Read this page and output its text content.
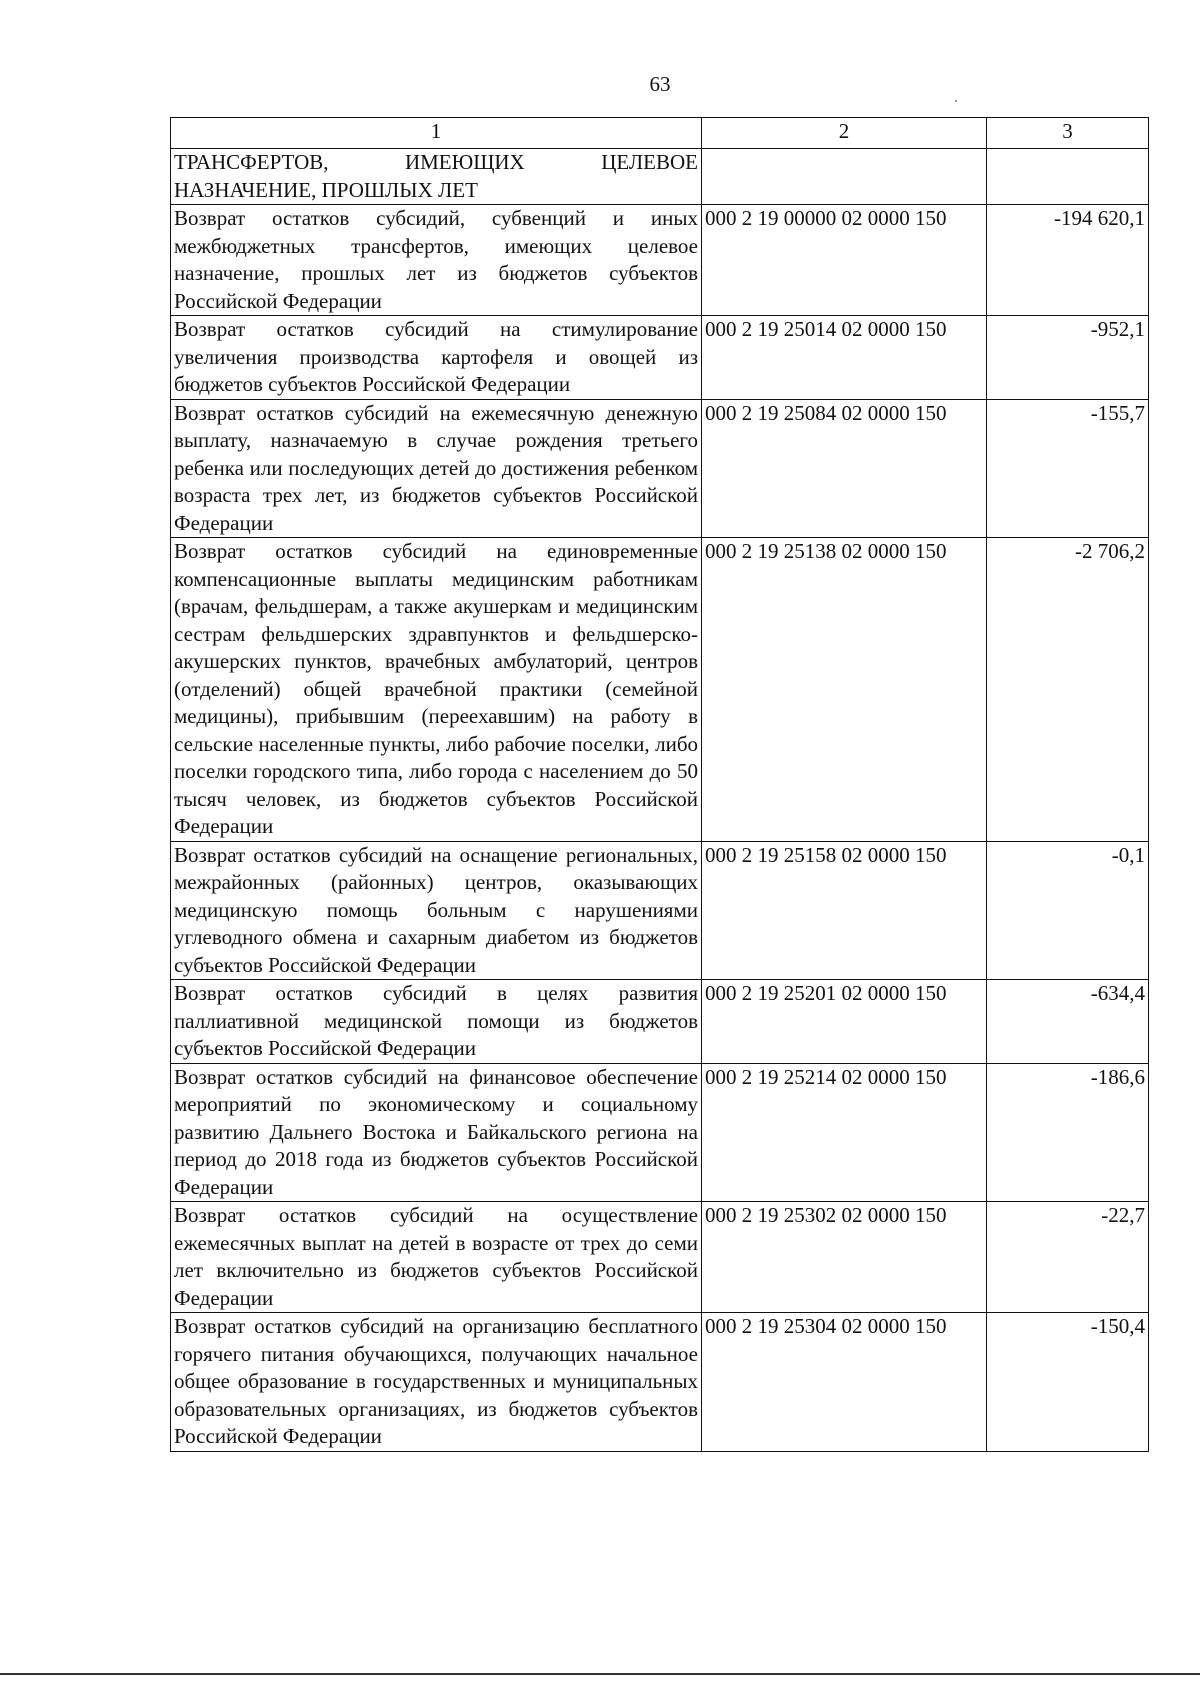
63
1	2	3
ТРАНСФЕРТОВ, ИМЕЮЩИХ ЦЕЛЕВОЕ НАЗНАЧЕНИЕ, ПРОШЛЫХ ЛЕТ		
Возврат остатков субсидий, субвенций и иных межбюджетных трансфертов, имеющих целевое назначение, прошлых лет из бюджетов субъектов Российской Федерации	000 2 19 00000 02 0000 150	-194 620,1
Возврат остатков субсидий на стимулирование увеличения производства картофеля и овощей из бюджетов субъектов Российской Федерации	000 2 19 25014 02 0000 150	-952,1
Возврат остатков субсидий на ежемесячную денежную выплату, назначаемую в случае рождения третьего ребенка или последующих детей до достижения ребенком возраста трех лет, из бюджетов субъектов Российской Федерации	000 2 19 25084 02 0000 150	-155,7
Возврат остатков субсидий на единовременные компенсационные выплаты медицинским работникам (врачам, фельдшерам, а также акушеркам и медицинским сестрам фельдшерских здравпунктов и фельдшерско-акушерских пунктов, врачебных амбулаторий, центров (отделений) общей врачебной практики (семейной медицины), прибывшим (переехавшим) на работу в сельские населенные пункты, либо рабочие поселки, либо поселки городского типа, либо города с населением до 50 тысяч человек, из бюджетов субъектов Российской Федерации	000 2 19 25138 02 0000 150	-2 706,2
Возврат остатков субсидий на оснащение региональных, межрайонных (районных) центров, оказывающих медицинскую помощь больным с нарушениями углеводного обмена и сахарным диабетом из бюджетов субъектов Российской Федерации	000 2 19 25158 02 0000 150	-0,1
Возврат остатков субсидий в целях развития паллиативной медицинской помощи из бюджетов субъектов Российской Федерации	000 2 19 25201 02 0000 150	-634,4
Возврат остатков субсидий на финансовое обеспечение мероприятий по экономическому и социальному развитию Дальнего Востока и Байкальского региона на период до 2018 года из бюджетов субъектов Российской Федерации	000 2 19 25214 02 0000 150	-186,6
Возврат остатков субсидий на осуществление ежемесячных выплат на детей в возрасте от трех до семи лет включительно из бюджетов субъектов Российской Федерации	000 2 19 25302 02 0000 150	-22,7
Возврат остатков субсидий на организацию бесплатного горячего питания обучающихся, получающих начальное общее образование в государственных и муниципальных образовательных организациях, из бюджетов субъектов Российской Федерации	000 2 19 25304 02 0000 150	-150,4
